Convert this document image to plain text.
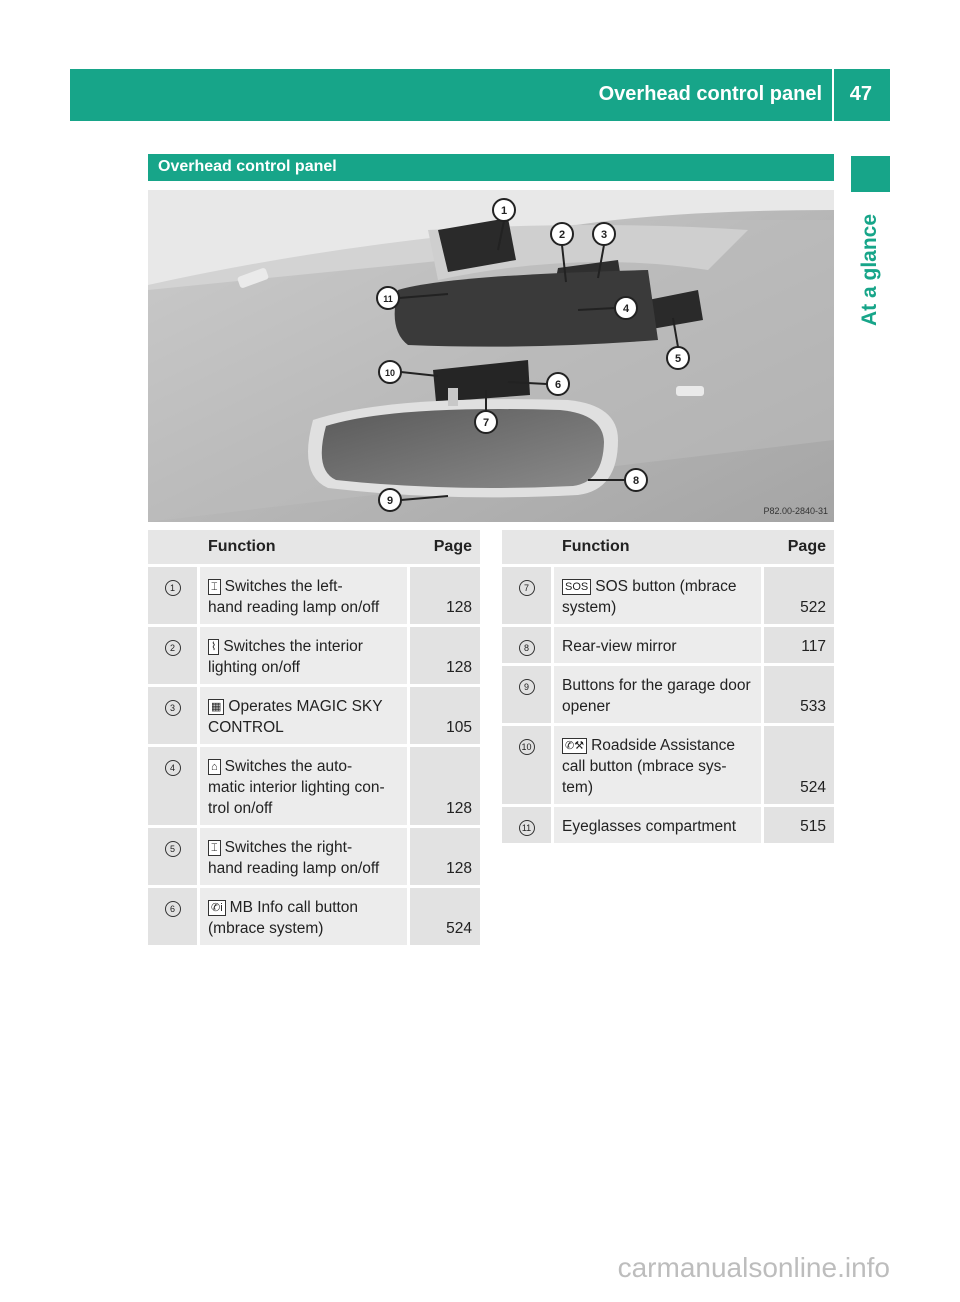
Overhead control panel 47
At a glance
Overhead control panel
1
2	3
4
5
6
7
8
9
10
11
P82.00-2840-31
	Function	Page
1	⌶ Switches the left-
hand reading lamp on/off	128
2	⌇ Switches the interior
lighting on/off	128
3	▦ Operates MAGIC SKY
CONTROL	105
4	⌂ Switches the auto-
matic interior lighting con-
trol on/off	128
5	⌶ Switches the right-
hand reading lamp on/off	128
6	✆i MB Info call button
(mbrace system)	524
	Function	Page
7	SOS SOS button (mbrace
system)	522
8	Rear-view mirror	117
9	Buttons for the garage door
opener	533
10	✆⚒ Roadside Assistance
call button (mbrace sys-
tem)	524
11	Eyeglasses compartment	515
carmanualsonline.info
